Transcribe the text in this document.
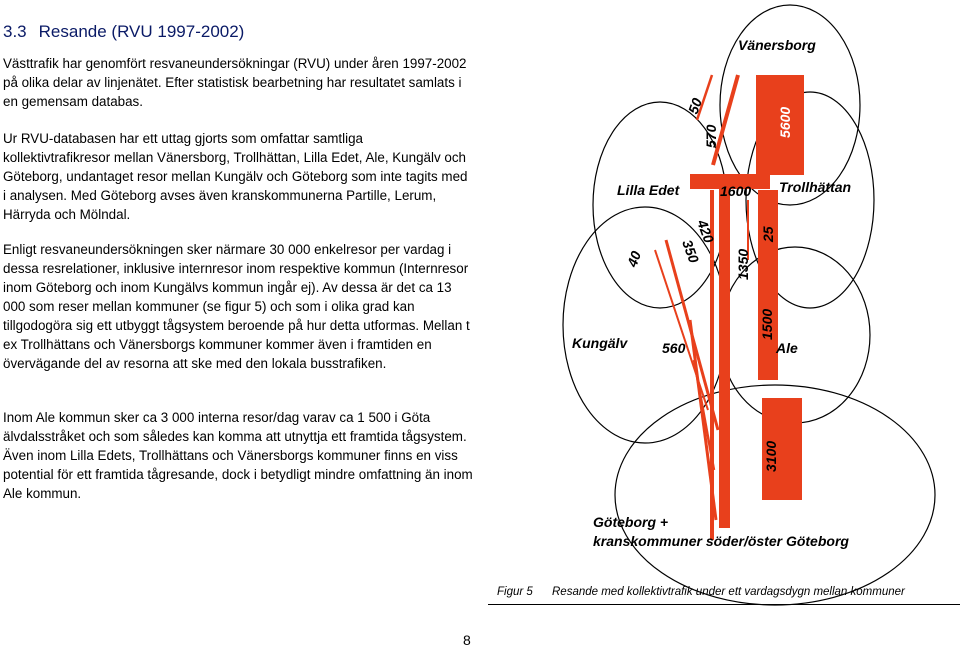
3.3 Resande (RVU 1997-2002)

Västtrafik har genomfört resvaneundersökningar (RVU) under åren 1997-2002 på olika delar av linjenätet. Efter statistisk bearbetning har resultatet samlats i en gemensam databas.

Ur RVU-databasen har ett uttag gjorts som omfattar samtliga kollektivtrafikresor mellan Vänersborg, Trollhättan, Lilla Edet, Ale, Kungälv och Göteborg, undantaget resor mellan Kungälv och Göteborg som inte tagits med i analysen. Med Göteborg avses även kranskommunerna Partille, Lerum, Härryda och Mölndal.

Enligt resvaneundersökningen sker närmare 30 000 enkelresor per vardag i dessa resrelationer, inklusive internresor inom respektive kommun (Internresor inom Göteborg och inom Kungälvs kommun ingår ej). Av dessa är det ca 13 000 som reser mellan kommuner (se figur 5) och som i olika grad kan tillgodogöra sig ett utbyggt tågsystem beroende på hur detta utformas. Mellan t ex Trollhättans och Vänersborgs kommuner kommer även i framtiden en övervägande del av resorna att ske med den lokala busstrafiken.

Inom Ale kommun sker ca 3 000 interna resor/dag varav ca 1 500 i Göta älvdalsstråket och som således kan komma att utnyttja ett framtida tågsystem. Även inom Lilla Edets, Trollhättans och Vänersborgs kommuner finns en viss potential för ett framtida tågresande, dock i betydligt mindre omfattning än inom Ale kommun.

Vänersborg
Trollhättan
Lilla Edet
Kungälv	Ale
Göteborg +
kranskommuner söder/öster Göteborg
50
570	5600
1600
420
350
40	1350
25
560
1500
3100
Figur 5 Resande med kollektivtrafik under ett vardagsdygn mellan kommuner
8
